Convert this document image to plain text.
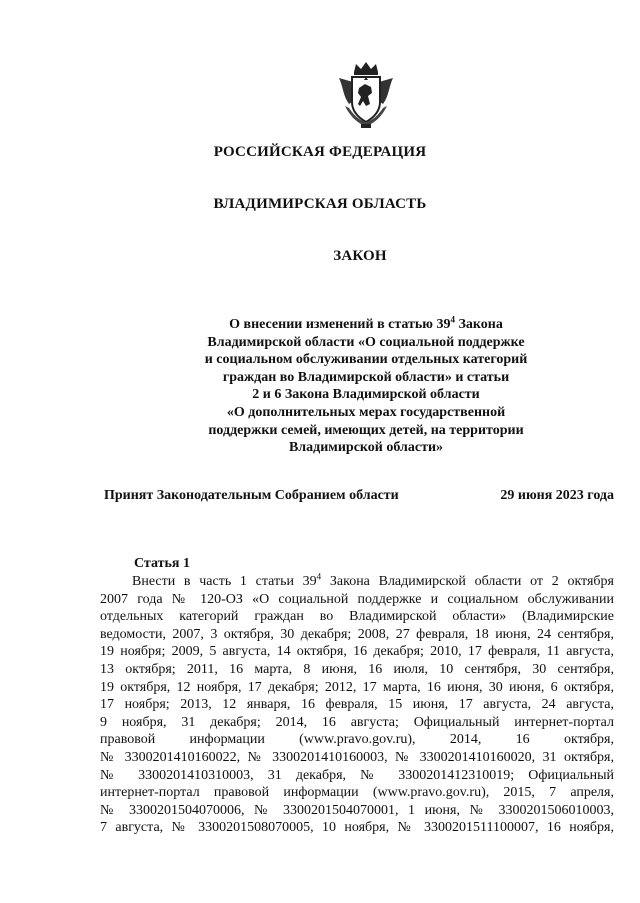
РОССИЙСКАЯ ФЕДЕРАЦИЯ
ВЛАДИМИРСКАЯ ОБЛАСТЬ
ЗАКОН
О внесении изменений в статью $39^4$ Закона
Владимирской области «О социальной поддержке
и социальном обслуживании отдельных категорий
граждан во Владимирской области» и статьи
2 и 6 Закона Владимирской области
«О дополнительных мерах государственной
поддержки семей, имеющих детей, на территории
Владимирской области»
Принят Законодательным Собранием области	29 июня 2023 года
Статья 1
Внести в часть 1 статьи $39^4$ Закона Владимирской области от 2 октября
2007 года № 120-ОЗ «О социальной поддержке и социальном обслуживании
отдельных категорий граждан во Владимирской области» (Владимирские
ведомости, 2007, 3 октября, 30 декабря; 2008, 27 февраля, 18 июня, 24 сентября,
19 ноября; 2009, 5 августа, 14 октября, 16 декабря; 2010, 17 февраля, 11 августа,
13 октября; 2011, 16 марта, 8 июня, 16 июля, 10 сентября, 30 сентября,
19 октября, 12 ноября, 17 декабря; 2012, 17 марта, 16 июня, 30 июня, 6 октября,
17 ноября; 2013, 12 января, 16 февраля, 15 июня, 17 августа, 24 августа,
9 ноября, 31 декабря; 2014, 16 августа; Официальный интернет-портал
правовой информации (www.pravo.gov.ru), 2014, 16 октября,
№ 3300201410160022, № 3300201410160003, № 3300201410160020, 31 октября,
№ 3300201410310003, 31 декабря, № 3300201412310019; Официальный
интернет-портал правовой информации (www.pravo.gov.ru), 2015, 7 апреля,
№ 3300201504070006, № 3300201504070001, 1 июня, № 3300201506010003,
7 августа, № 3300201508070005, 10 ноября, № 3300201511100007, 16 ноября,
